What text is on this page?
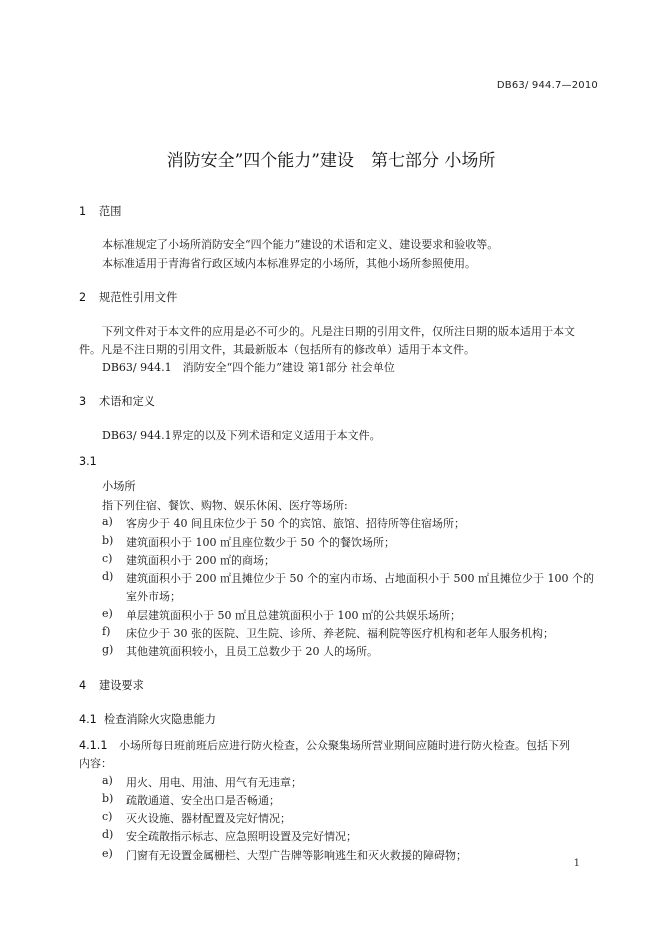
DB63/ 944.7—2010
消防安全”四个能力”建设　第七部分 小场所
1 范围
本标准规定了小场所消防安全“四个能力”建设的术语和定义、建设要求和验收等。
本标准适用于青海省行政区域内本标准界定的小场所，其他小场所参照使用。
2 规范性引用文件
下列文件对于本文件的应用是必不可少的。凡是注日期的引用文件，仅所注日期的版本适用于本文
件。凡是不注日期的引用文件，其最新版本（包括所有的修改单）适用于本文件。
DB63/ 944.1　消防安全“四个能力”建设 第1部分 社会单位
3 术语和定义
DB63/ 944.1界定的以及下列术语和定义适用于本文件。
3.1
小场所
指下列住宿、餐饮、购物、娱乐休闲、医疗等场所:
a) 客房少于 40 间且床位少于 50 个的宾馆、旅馆、招待所等住宿场所；
b) 建筑面积小于 100 ㎡且座位数少于 50 个的餐饮场所；
c) 建筑面积小于 200 ㎡的商场；
d) 建筑面积小于 200 ㎡且摊位少于 50 个的室内市场、占地面积小于 500 ㎡且摊位少于 100 个的
室外市场；
e) 单层建筑面积小于 50 ㎡且总建筑面积小于 100 ㎡的公共娱乐场所；
f) 床位少于 30 张的医院、卫生院、诊所、养老院、福利院等医疗机构和老年人服务机构；
g) 其他建筑面积较小，且员工总数少于 20 人的场所。
4 建设要求
4.1 检查消除火灾隐患能力
4.1.1 小场所每日班前班后应进行防火检查，公众聚集场所营业期间应随时进行防火检查。包括下列
内容：
a) 用火、用电、用油、用气有无违章；
b) 疏散通道、安全出口是否畅通；
c) 灭火设施、器材配置及完好情况；
d) 安全疏散指示标志、应急照明设置及完好情况；
e) 门窗有无设置金属栅栏、大型广告牌等影响逃生和灭火救援的障碍物；
1
